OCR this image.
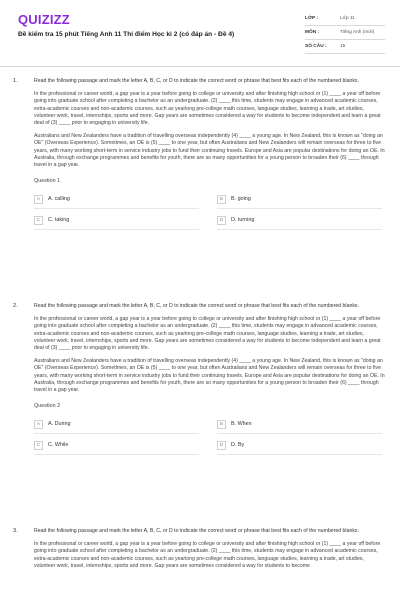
QUIZIZZ
Đề kiểm tra 15 phút Tiếng Anh 11 Thí điểm Học kì 2 (có đáp án - Đề 4)
LỚP :	Lớp 11
MÔN :	Tiếng Anh (mới)
SỐ CÂU :	15
1.	Read the following passage and mark the letter A, B, C, or D to indicate the correct word or phrase that best fits each of the numbered blanks.
In the professional or career world, a gap year is a year before going to college or university and after finishing high school or (1) ____ a year off before going into graduate school after completing a bachelor as an undergraduate. (2) ____ this time, students may engage in advanced academic courses, extra-academic courses and non-academic courses, such as yearlong pre-college math courses, language studies, learning a trade, art studies, volunteer work, travel, internships, sports and more. Gap years are sometimes considered a way for students to become independent and learn a great deal of (3) ____ prior to engaging in university life.
Australians and New Zealanders have a tradition of travelling overseas independently (4) ____ a young age. In New Zealand, this is known as "doing an OE" (Overseas Experience). Sometimes, an OE is (5) ____ to one year, but often Australians and New Zealanders will remain overseas for three to five years, with many working short-term in service industry jobs to fund their continuing travels. Europe and Asia are popular destinations for doing an OE. In Australia, through exchange programmes and benefits for youth, there are so many opportunities for a young person to broaden their (6) ____ through travel in a gap year.
Question 1
A	A. calling	B	B. going
C	C. taking	D	D. turning
2.	Read the following passage and mark the letter A, B, C, or D to indicate the correct word or phrase that best fits each of the numbered blanks.
In the professional or career world, a gap year is a year before going to college or university and after finishing high school or (1) ____ a year off before going into graduate school after completing a bachelor as an undergraduate. (2) ____ this time, students may engage in advanced academic courses, extra-academic courses and non-academic courses, such as yearlong pre-college math courses, language studies, learning a trade, art studies, volunteer work, travel, internships, sports and more. Gap years are sometimes considered a way for students to become independent and learn a great deal of (3) ____ prior to engaging in university life.
Australians and New Zealanders have a tradition of travelling overseas independently (4) ____ a young age. In New Zealand, this is known as "doing an OE" (Overseas Experience). Sometimes, an OE is (5) ____ to one year, but often Australians and New Zealanders will remain overseas for three to five years, with many working short-term in service industry jobs to fund their continuing travels. Europe and Asia are popular destinations for doing an OE. In Australia, through exchange programmes and benefits for youth, there are so many opportunities for a young person to broaden their (6) ____ through travel in a gap year.
Question 2
A	A. During	B	B. When
C	C. While	D	D. By
3.	Read the following passage and mark the letter A, B, C, or D to indicate the correct word or phrase that best fits each of the numbered blanks.
In the professional or career world, a gap year is a year before going to college or university and after finishing high school or (1) ____ a year off before going into graduate school after completing a bachelor as an undergraduate. (2) ____ this time, students may engage in advanced academic courses, extra-academic courses and non-academic courses, such as yearlong pre-college math courses, language studies, learning a trade, art studies, volunteer work, travel, internships, sports and more. Gap years are sometimes considered a way for students to become
